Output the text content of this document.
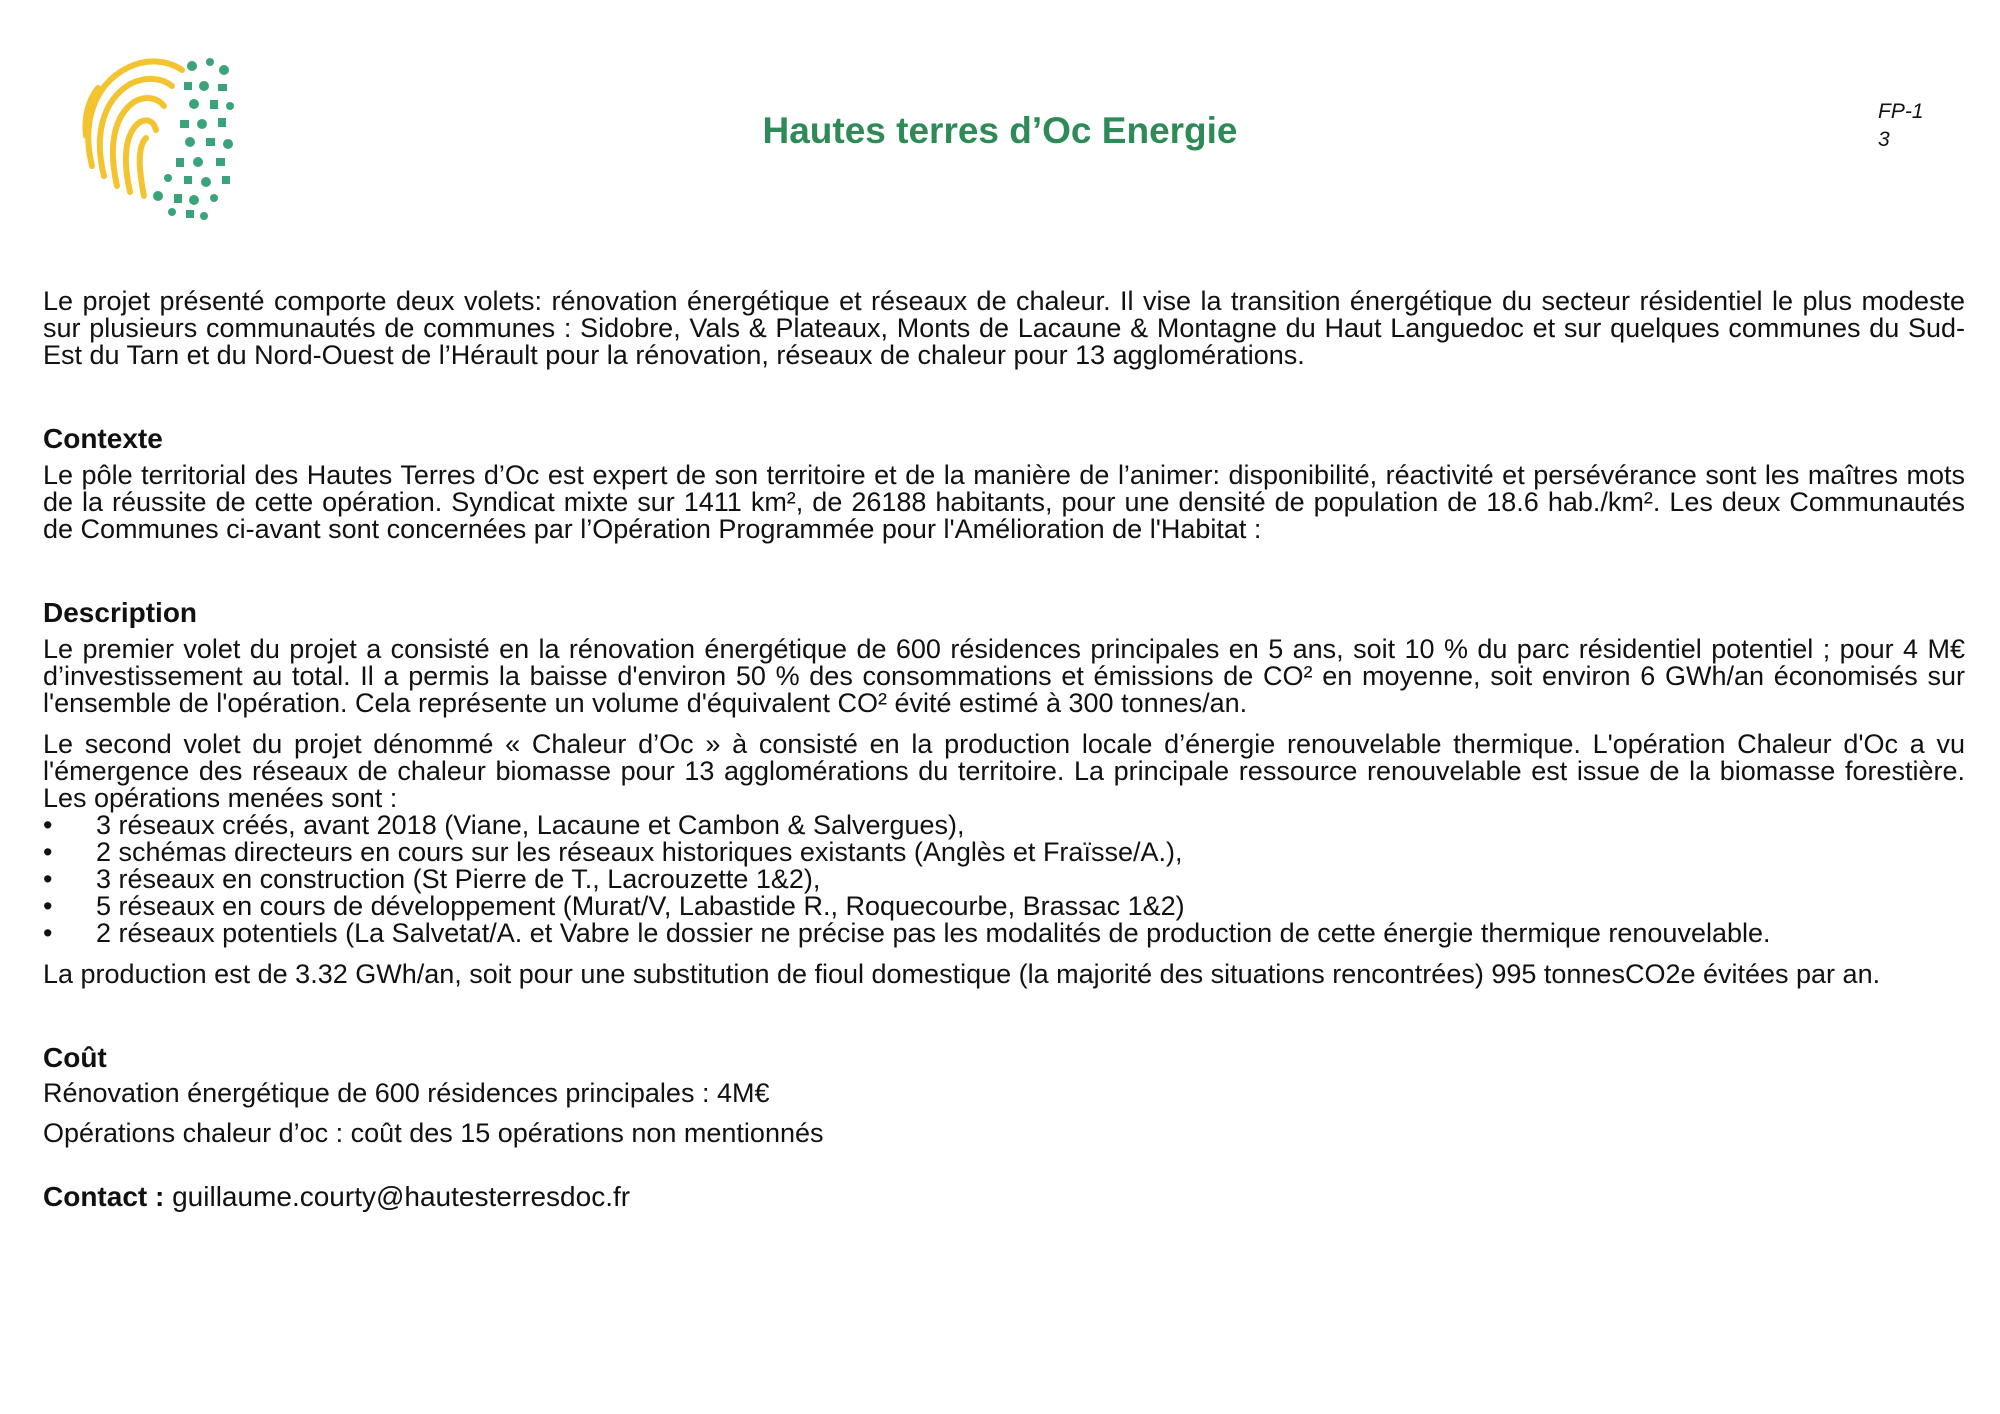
Hautes terres d’Oc Energie	FP-1
3

Le projet présenté comporte deux volets: rénovation énergétique et réseaux de chaleur. Il vise la transition énergétique du secteur résidentiel le plus modeste sur plusieurs communautés de communes : Sidobre, Vals & Plateaux, Monts de Lacaune & Montagne du Haut Languedoc et sur quelques communes du Sud-Est du Tarn et du Nord-Ouest de l’Hérault pour la rénovation, réseaux de chaleur pour 13 agglomérations.

Contexte

Le pôle territorial des Hautes Terres d’Oc est expert de son territoire et de la manière de l’animer: disponibilité, réactivité et persévérance sont les maîtres mots de la réussite de cette opération. Syndicat mixte sur 1411 km², de 26188 habitants, pour une densité de population de 18.6 hab./km². Les deux Communautés de Communes ci-avant sont concernées par l’Opération Programmée pour l'Amélioration de l'Habitat :

Description

Le premier volet du projet a consisté en la rénovation énergétique de 600 résidences principales en 5 ans, soit 10 % du parc résidentiel potentiel ; pour 4 M€ d’investissement au total. Il a permis la baisse d'environ 50 % des consommations et émissions de CO² en moyenne, soit environ 6 GWh/an économisés sur l'ensemble de l'opération. Cela représente un volume d'équivalent CO² évité estimé à 300 tonnes/an.

Le second volet du projet dénommé « Chaleur d’Oc » à consisté en la production locale d’énergie renouvelable thermique. L'opération Chaleur d'Oc a vu l'émergence des réseaux de chaleur biomasse pour 13 agglomérations du territoire. La principale ressource renouvelable est issue de la biomasse forestière. Les opérations menées sont :

• 3 réseaux créés, avant 2018 (Viane, Lacaune et Cambon & Salvergues),
• 2 schémas directeurs en cours sur les réseaux historiques existants (Anglès et Fraïsse/A.),
• 3 réseaux en construction (St Pierre de T., Lacrouzette 1&2),
• 5 réseaux en cours de développement (Murat/V, Labastide R., Roquecourbe, Brassac 1&2)
• 2 réseaux potentiels (La Salvetat/A. et Vabre le dossier ne précise pas les modalités de production de cette énergie thermique renouvelable.

La production est de 3.32 GWh/an, soit pour une substitution de fioul domestique (la majorité des situations rencontrées) 995 tonnesCO2e évitées par an.

Coût
Rénovation énergétique de 600 résidences principales : 4M€
Opérations chaleur d’oc : coût des 15 opérations non mentionnés
Contact : guillaume.courty@hautesterresdoc.fr
